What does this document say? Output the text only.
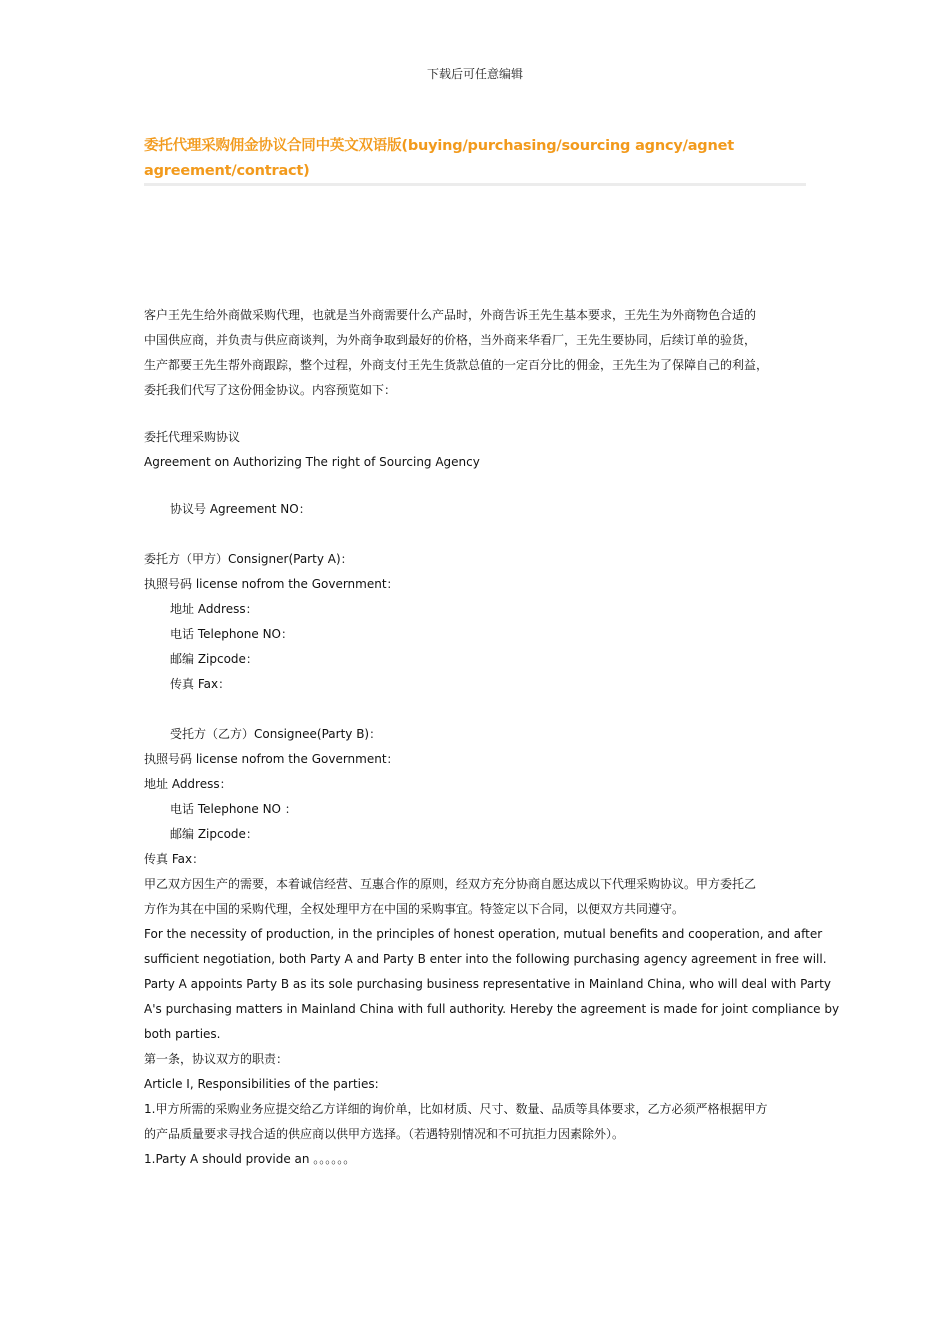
下载后可任意编辑
委托代理采购佣金协议合同中英文双语版(buying/purchasing/sourcing agncy/agnet agreement/contract)

客户王先生给外商做采购代理，也就是当外商需要什么产品时，外商告诉王先生基本要求，王先生为外商物色合适的

中国供应商，并负责与供应商谈判，为外商争取到最好的价格，当外商来华看厂，王先生要协同，后续订单的验货，

生产都要王先生帮外商跟踪，整个过程，外商支付王先生货款总值的一定百分比的佣金，王先生为了保障自己的利益，

委托我们代写了这份佣金协议。内容预览如下：

委托代理采购协议

Agreement on Authorizing The right of Sourcing Agency

协议号 Agreement NO：

委托方（甲方）Consigner(Party A)：

执照号码 license nofrom the Government：

地址 Address：

电话 Telephone NO：

邮编 Zipcode：

传真 Fax：

受托方（乙方）Consignee(Party B)：

执照号码 license nofrom the Government：

地址 Address：

电话 Telephone NO ：

邮编 Zipcode：

传真 Fax：

甲乙双方因生产的需要，本着诚信经营、互惠合作的原则，经双方充分协商自愿达成以下代理采购协议。甲方委托乙

方作为其在中国的采购代理，全权处理甲方在中国的采购事宜。特签定以下合同，以便双方共同遵守。

For the necessity of production, in the principles of honest operation, mutual benefits and cooperation, and after

sufficient negotiation, both Party A and Party B enter into the following purchasing agency agreement in free will.

Party A appoints Party B as its sole purchasing business representative in Mainland China, who will deal with Party

A's purchasing matters in Mainland China with full authority. Hereby the agreement is made for joint compliance by

both parties.

第一条，协议双方的职责：

Article I, Responsibilities of the parties:

1.甲方所需的采购业务应提交给乙方详细的询价单，比如材质、尺寸、数量、品质等具体要求，乙方必须严格根据甲方

的产品质量要求寻找合适的供应商以供甲方选择。（若遇特别情况和不可抗拒力因素除外）。

1.Party A should provide an 。。。。。。
